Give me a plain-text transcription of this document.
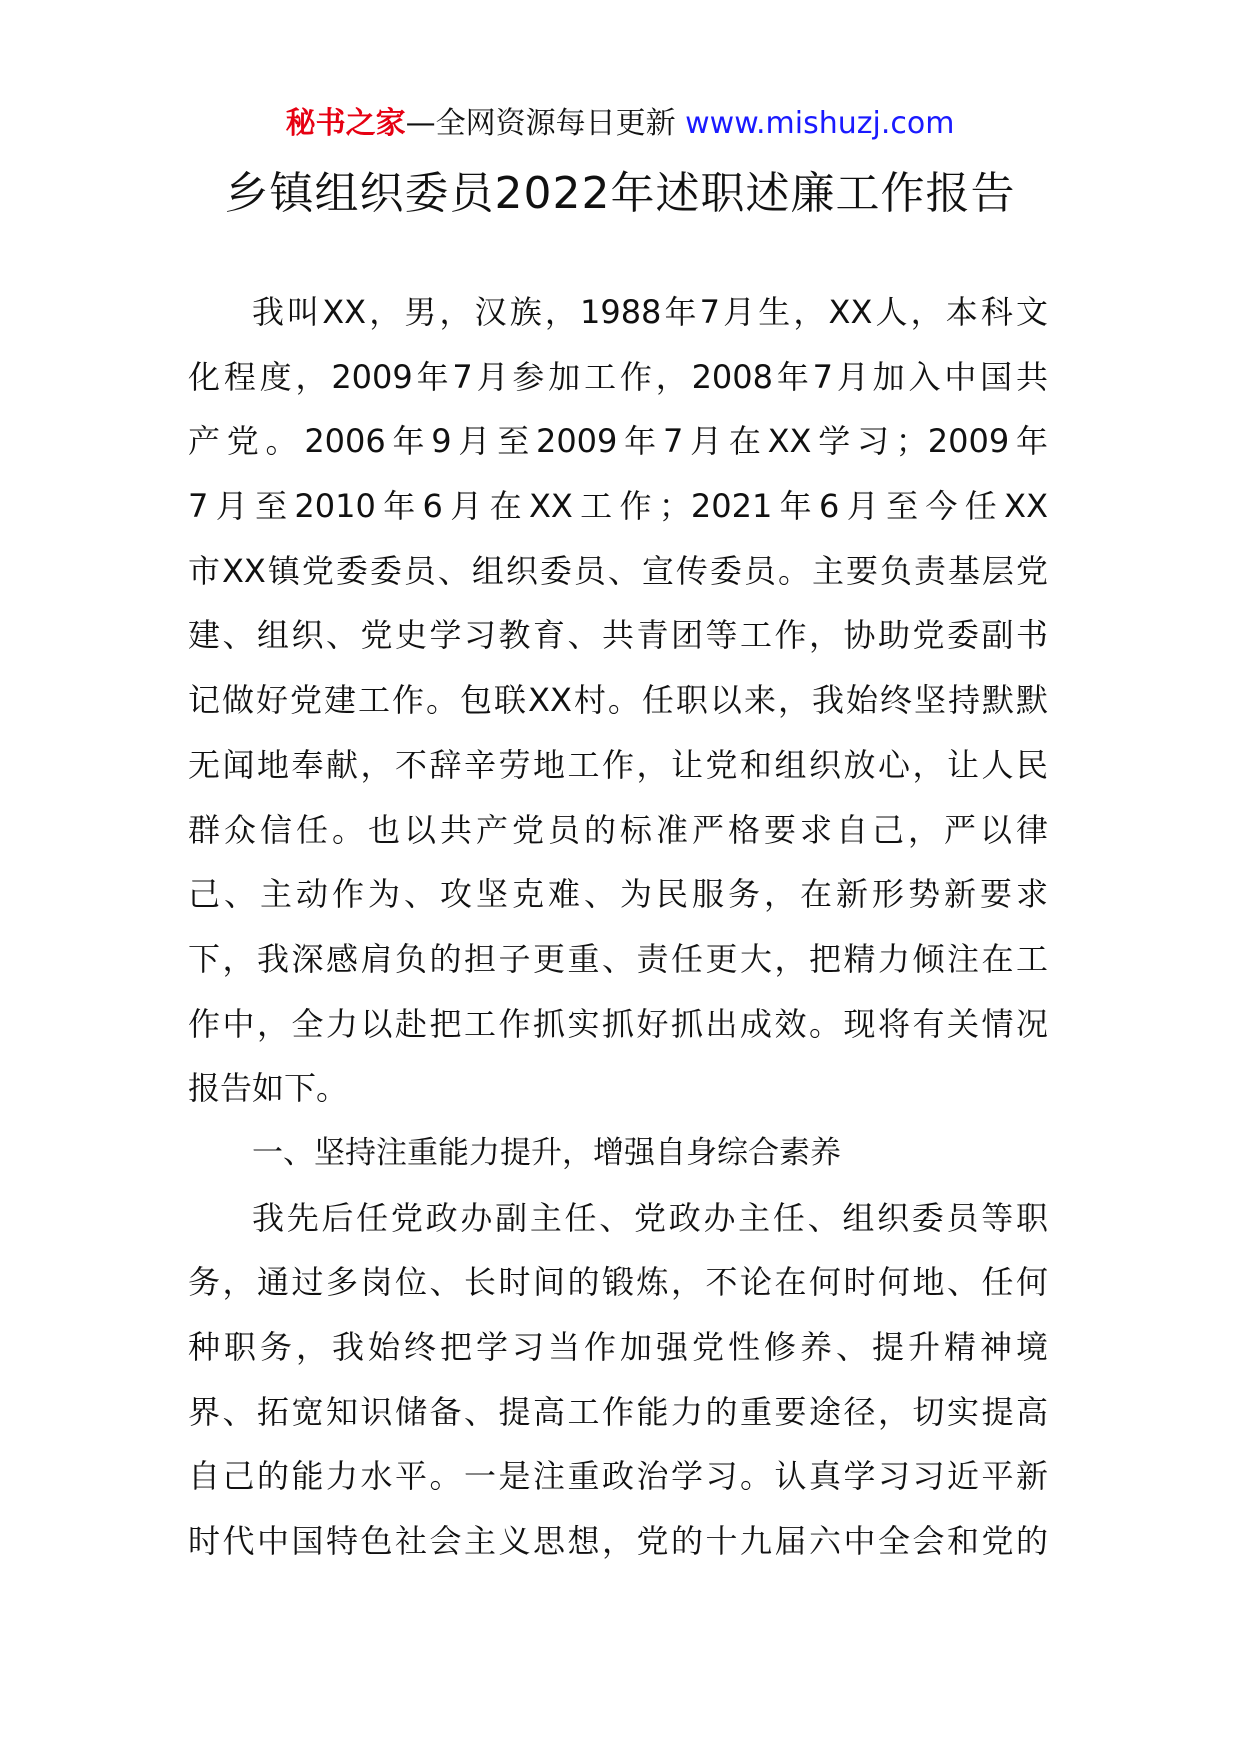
秘书之家—全网资源每日更新 www.mishuzj.com
乡镇组织委员2022年述职述廉工作报告
我叫XX，男，汉族，1988年7月生，XX人，本科文
化程度，2009年7月参加工作，2008年7月加入中国共
产党。2006年9月至2009年7月在XX学习；2009年
7月至2010年6月在XX工作；2021年6月至今任XX
市XX镇党委委员、组织委员、宣传委员。主要负责基层党
建、组织、党史学习教育、共青团等工作，协助党委副书
记做好党建工作。包联XX村。任职以来，我始终坚持默默
无闻地奉献，不辞辛劳地工作，让党和组织放心，让人民
群众信任。也以共产党员的标准严格要求自己，严以律
己、主动作为、攻坚克难、为民服务，在新形势新要求
下，我深感肩负的担子更重、责任更大，把精力倾注在工
作中，全力以赴把工作抓实抓好抓出成效。现将有关情况
报告如下。
一、坚持注重能力提升，增强自身综合素养
我先后任党政办副主任、党政办主任、组织委员等职
务，通过多岗位、长时间的锻炼，不论在何时何地、任何
种职务，我始终把学习当作加强党性修养、提升精神境
界、拓宽知识储备、提高工作能力的重要途径，切实提高
自己的能力水平。一是注重政治学习。认真学习习近平新
时代中国特色社会主义思想，党的十九届六中全会和党的
